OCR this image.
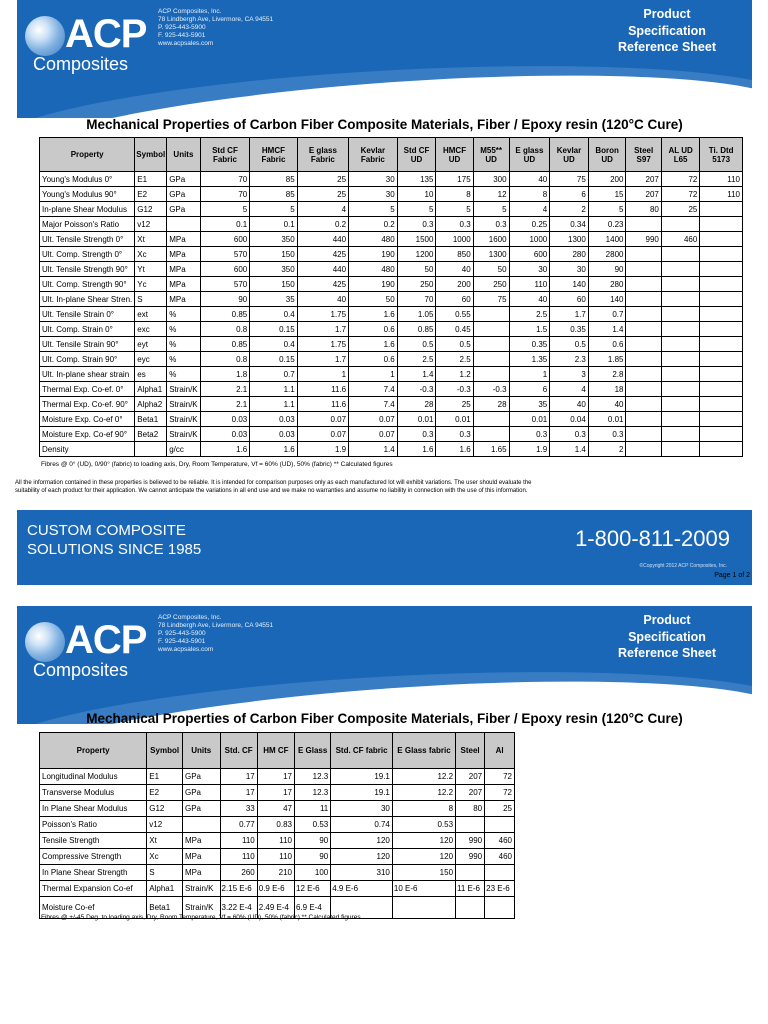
ACP
Composites
ACP Composites, Inc.
78 Lindbergh Ave, Livermore, CA 94551
P. 925-443-5900
F. 925-443-5901
www.acpsales.com
Product
Specification
Reference Sheet
Mechanical Properties of Carbon Fiber Composite Materials, Fiber / Epoxy resin (120°C Cure)
Property	Symbol	Units	Std CF Fabric	HMCF Fabric	E glass Fabric	Kevlar Fabric	Std CF UD	HMCF UD	M55** UD	E glass UD	Kevlar UD	Boron UD	Steel S97	AL UD L65	Ti. Dtd 5173
Young's Modulus 0°	E1	GPa	70	85	25	30	135	175	300	40	75	200	207	72	110
Young's Modulus 90°	E2	GPa	70	85	25	30	10	8	12	8	6	15	207	72	110
In-plane Shear Modulus	G12	GPa	5	5	4	5	5	5	5	4	2	5	80	25	
Major Poisson's Ratio	v12		0.1	0.1	0.2	0.2	0.3	0.3	0.3	0.25	0.34	0.23			
Ult. Tensile Strength 0°	Xt	MPa	600	350	440	480	1500	1000	1600	1000	1300	1400	990	460	
Ult. Comp. Strength 0°	Xc	MPa	570	150	425	190	1200	850	1300	600	280	2800			
Ult. Tensile Strength 90°	Yt	MPa	600	350	440	480	50	40	50	30	30	90			
Ult. Comp. Strength 90°	Yc	MPa	570	150	425	190	250	200	250	110	140	280			
Ult. In-plane Shear Stren.	S	MPa	90	35	40	50	70	60	75	40	60	140			
Ult. Tensile Strain 0°	ext	%	0.85	0.4	1.75	1.6	1.05	0.55		2.5	1.7	0.7			
Ult. Comp. Strain 0°	exc	%	0.8	0.15	1.7	0.6	0.85	0.45		1.5	0.35	1.4			
Ult. Tensile Strain 90°	eyt	%	0.85	0.4	1.75	1.6	0.5	0.5		0.35	0.5	0.6			
Ult. Comp. Strain 90°	eyc	%	0.8	0.15	1.7	0.6	2.5	2.5		1.35	2.3	1.85			
Ult. In-plane shear strain	es	%	1.8	0.7	1	1	1.4	1.2		1	3	2.8			
Thermal Exp. Co-ef. 0°	Alpha1	Strain/K	2.1	1.1	11.6	7.4	-0.3	-0.3	-0.3	6	4	18			
Thermal Exp. Co-ef. 90°	Alpha2	Strain/K	2.1	1.1	11.6	7.4	28	25	28	35	40	40			
Moisture Exp. Co-ef 0°	Beta1	Strain/K	0.03	0.03	0.07	0.07	0.01	0.01		0.01	0.04	0.01			
Moisture Exp. Co-ef 90°	Beta2	Strain/K	0.03	0.03	0.07	0.07	0.3	0.3		0.3	0.3	0.3			
Density		g/cc	1.6	1.6	1.9	1.4	1.6	1.6	1.65	1.9	1.4	2			
Fibres @ 0° (UD), 0/90° (fabric) to loading axis, Dry, Room Temperature, Vf = 60% (UD), 50% (fabric) ** Calculated figures
All the information contained in these properties is believed to be reliable. It is intended for comparison purposes only as each manufactured lot will exhibit variations. The user should evaluate the suitability of each product for their application. We cannot anticipate the variations in all end use and we make no warranties and assume no liability in connection with the use of this information.
CUSTOM COMPOSITE
SOLUTIONS SINCE 1985	1-800-811-2009
©Copyright 2012 ACP Composites, Inc.
Page 1 of 2
ACP
Composites
ACP Composites, Inc.
78 Lindbergh Ave, Livermore, CA 94551
P. 925-443-5900
F. 925-443-5901
www.acpsales.com
Product
Specification
Reference Sheet
Mechanical Properties of Carbon Fiber Composite Materials, Fiber / Epoxy resin (120°C Cure)
Property	Symbol	Units	Std. CF	HM CF	E Glass	Std. CF fabric	E Glass fabric	Steel	Al
Longitudinal Modulus	E1	GPa	17	17	12.3	19.1	12.2	207	72
Transverse Modulus	E2	GPa	17	17	12.3	19.1	12.2	207	72
In Plane Shear Modulus	G12	GPa	33	47	11	30	8	80	25
Poisson's Ratio	v12		0.77	0.83	0.53	0.74	0.53		
Tensile Strength	Xt	MPa	110	110	90	120	120	990	460
Compressive Strength	Xc	MPa	110	110	90	120	120	990	460
In Plane Shear Strength	S	MPa	260	210	100	310	150		
Thermal Expansion Co-ef	Alpha1	Strain/K	2.15 E-6	0.9 E-6	12 E-6	4.9 E-6	10 E-6	11 E-6	23 E-6
Moisture Co-ef	Beta1	Strain/K	3.22 E-4	2.49 E-4	6.9 E-4				
Fibres @ +/-45 Deg. to loading axis, Dry, Room Temperature, Vf = 60% (UD), 50% (fabric) ** Calculated figures
